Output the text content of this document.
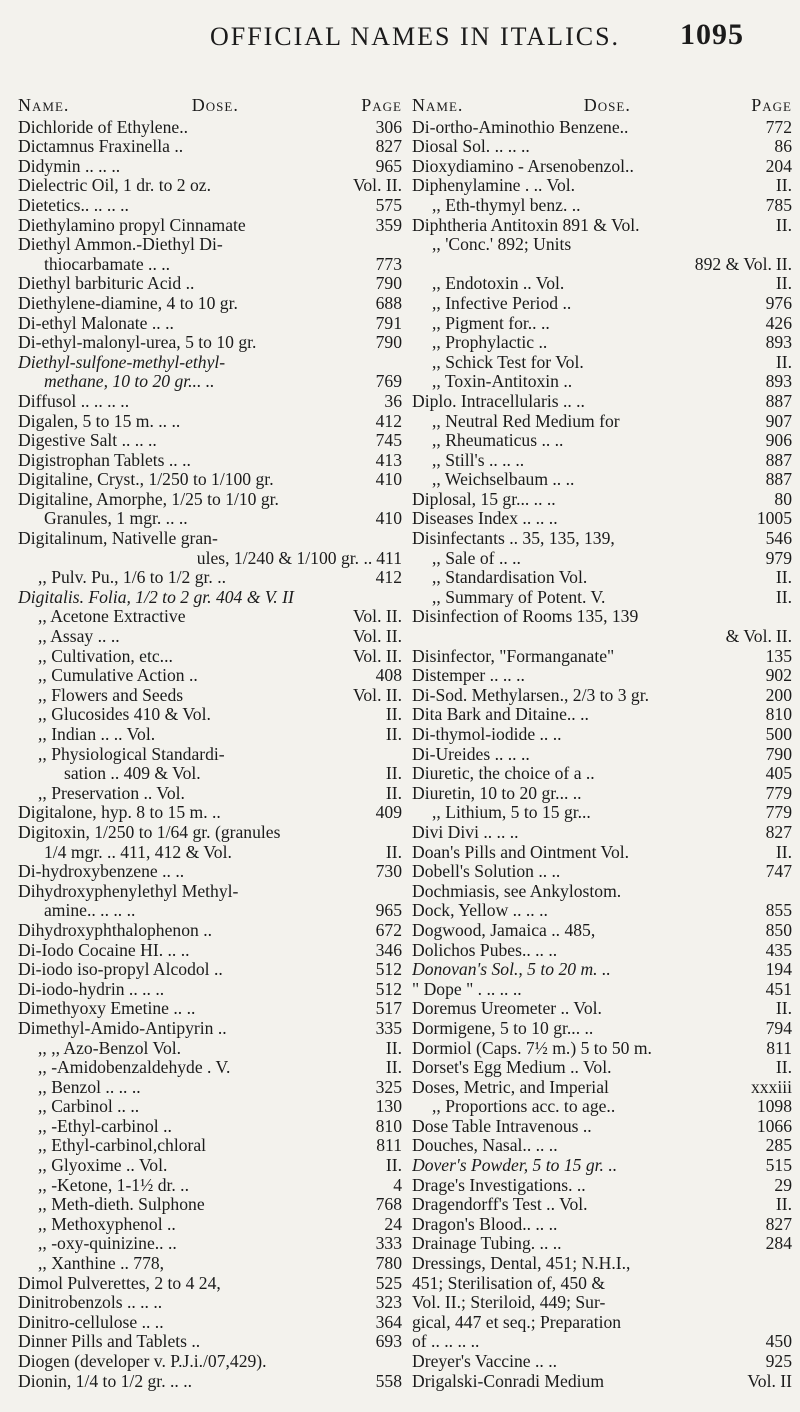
OFFICIAL NAMES IN ITALICS. 1095
Name.	Dose.	Page
Dichloride of Ethylene..	306
Dictamnus Fraxinella ..	827
Didymin .. .. ..	965
Dielectric Oil, 1 dr. to 2 oz.	Vol. II.
Dietetics.. .. .. ..	575
Diethylamino propyl Cinnamate	359
Diethyl Ammon.-Diethyl Di-
thiocarbamate .. ..	773
Diethyl barbituric Acid ..	790
Diethylene-diamine, 4 to 10 gr.	688
Di-ethyl Malonate .. ..	791
Di-ethyl-malonyl-urea, 5 to 10 gr.	790
Diethyl-sulfone-methyl-ethyl-
methane, 10 to 20 gr... ..	769
Diffusol .. .. .. ..	36
Digalen, 5 to 15 m. .. ..	412
Digestive Salt .. .. ..	745
Digistrophan Tablets .. ..	413
Digitaline, Cryst., 1/250 to 1/100 gr.	410
Digitaline, Amorphe, 1/25 to 1/10 gr.
Granules, 1 mgr. .. ..	410
Digitalinum, Nativelle gran-
ules, 1/240 & 1/100 gr. .. 411
,, Pulv. Pu., 1/6 to 1/2 gr. ..	412
Digitalis. Folia, 1/2 to 2 gr. 404 & V. II
,, Acetone Extractive	Vol. II.
,, Assay .. ..	Vol. II.
,, Cultivation, etc...	Vol. II.
,, Cumulative Action ..	408
,, Flowers and Seeds	Vol. II.
,, Glucosides 410 & Vol.	II.
,, Indian .. .. Vol.	II.
,, Physiological Standardi-
sation .. 409 & Vol.	II.
,, Preservation .. Vol.	II.
Digitalone, hyp. 8 to 15 m. ..	409
Digitoxin, 1/250 to 1/64 gr. (granules
1/4 mgr. .. 411, 412 & Vol.	II.
Di-hydroxybenzene .. ..	730
Dihydroxyphenylethyl Methyl-
amine.. .. .. ..	965
Dihydroxyphthalophenon ..	672
Di-Iodo Cocaine HI. .. ..	346
Di-iodo iso-propyl Alcodol ..	512
Di-iodo-hydrin .. .. ..	512
Dimethyoxy Emetine .. ..	517
Dimethyl-Amido-Antipyrin ..	335
,, ,, Azo-Benzol Vol.	II.
,, -Amidobenzaldehyde . V.	II.
,, Benzol .. .. ..	325
,, Carbinol .. ..	130
,, -Ethyl-carbinol ..	810
,, Ethyl-carbinol,chloral	811
,, Glyoxime .. Vol.	II.
,, -Ketone, 1-1½ dr. ..	4
,, Meth-dieth. Sulphone	768
,, Methoxyphenol ..	24
,, -oxy-quinizine.. ..	333
,, Xanthine .. 778,	780
Dimol Pulverettes, 2 to 4 24,	525
Dinitrobenzols .. .. ..	323
Dinitro-cellulose .. ..	364
Dinner Pills and Tablets ..	693
Diogen (developer v. P.J.i./07,429).
Dionin, 1/4 to 1/2 gr. .. ..	558
Name.	Dose.	Page
Di-ortho-Aminothio Benzene..	772
Diosal Sol. .. .. ..	86
Dioxydiamino - Arsenobenzol..	204
Diphenylamine . .. Vol.	II.
,, Eth-thymyl benz. ..	785
Diphtheria Antitoxin 891 & Vol.	II.
,, 'Conc.' 892; Units
892 & Vol. II.
,, Endotoxin .. Vol.	II.
,, Infective Period ..	976
,, Pigment for.. ..	426
,, Prophylactic ..	893
,, Schick Test for Vol.	II.
,, Toxin-Antitoxin ..	893
Diplo. Intracellularis .. ..	887
,, Neutral Red Medium for	907
,, Rheumaticus .. ..	906
,, Still's .. .. ..	887
,, Weichselbaum .. ..	887
Diplosal, 15 gr... .. ..	80
Diseases Index .. .. ..	1005
Disinfectants .. 35, 135, 139,	546
,, Sale of .. ..	979
,, Standardisation Vol.	II.
,, Summary of Potent. V.	II.
Disinfection of Rooms 135, 139
& Vol. II.
Disinfector, "Formanganate"	135
Distemper .. .. ..	902
Di-Sod. Methylarsen., 2/3 to 3 gr.	200
Dita Bark and Ditaine.. ..	810
Di-thymol-iodide .. ..	500
Di-Ureides .. .. ..	790
Diuretic, the choice of a ..	405
Diuretin, 10 to 20 gr... ..	779
,, Lithium, 5 to 15 gr...	779
Divi Divi .. .. ..	827
Doan's Pills and Ointment Vol.	II.
Dobell's Solution .. ..	747
Dochmiasis, see Ankylostom.
Dock, Yellow .. .. ..	855
Dogwood, Jamaica .. 485,	850
Dolichos Pubes.. .. ..	435
Donovan's Sol., 5 to 20 m. ..	194
" Dope " . .. .. ..	451
Doremus Ureometer .. Vol.	II.
Dormigene, 5 to 10 gr... ..	794
Dormiol (Caps. 7½ m.) 5 to 50 m.	811
Dorset's Egg Medium .. Vol.	II.
Doses, Metric, and Imperial	xxxiii
,, Proportions acc. to age..	1098
Dose Table Intravenous ..	1066
Douches, Nasal.. .. ..	285
Dover's Powder, 5 to 15 gr. ..	515
Drage's Investigations. ..	29
Dragendorff's Test .. Vol.	II.
Dragon's Blood.. .. ..	827
Drainage Tubing. .. ..	284
Dressings, Dental, 451; N.H.I.,
451; Sterilisation of, 450 &
Vol. II.; Steriloid, 449; Sur-
gical, 447 et seq.; Preparation
of .. .. .. ..	450
Dreyer's Vaccine .. ..	925
Drigalski-Conradi Medium	Vol. II
